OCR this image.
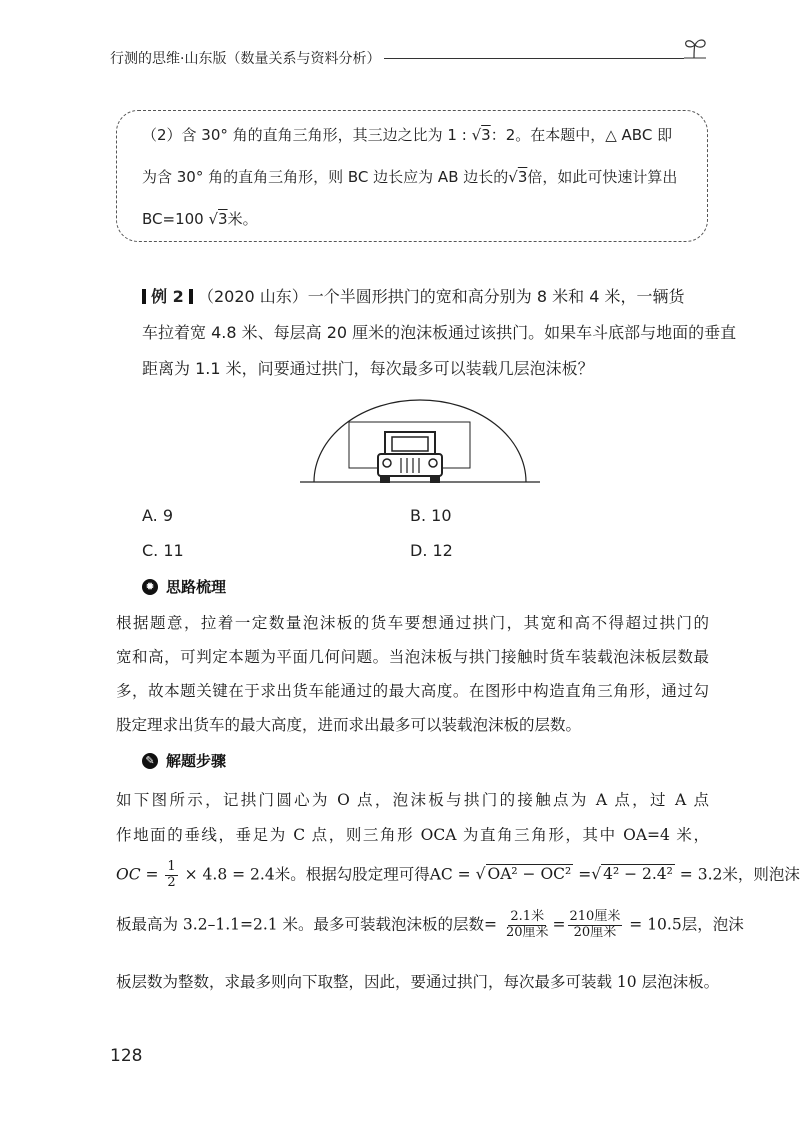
行测的思维·山东版（数量关系与资料分析）
（2）含 30° 角的直角三角形，其三边之比为 1 : √3：2。在本题中，△ ABC 即
为含 30° 角的直角三角形，则 BC 边长应为 AB 边长的√3倍，如此可快速计算出
BC=100 √3米。
例 2 （2020 山东）一个半圆形拱门的宽和高分别为 8 米和 4 米，一辆货
车拉着宽 4.8 米、每层高 20 厘米的泡沫板通过该拱门。如果车斗底部与地面的垂直
距离为 1.1 米，问要通过拱门，每次最多可以装载几层泡沫板？
A. 9	B. 10
C. 11	D. 12
✹ 思路梳理
根据题意，拉着一定数量泡沫板的货车要想通过拱门，其宽和高不得超过拱门的
宽和高，可判定本题为平面几何问题。当泡沫板与拱门接触时货车装载泡沫板层数最
多，故本题关键在于求出货车能通过的最大高度。在图形中构造直角三角形，通过勾
股定理求出货车的最大高度，进而求出最多可以装载泡沫板的层数。
✎ 解题步骤
如下图所示，记拱门圆心为 O 点，泡沫板与拱门的接触点为 A 点，过 A 点
作地面的垂线，垂足为 C 点，则三角形 OCA 为直角三角形，其中 OA=4 米，
OC = $\frac{1}{2} \times 4.8 = 2.4$米。根据勾股定理可得AC = √ OA² − OC² =√ 4² − 2.4² = 3.2米，则泡沫
板最高为 3.2–1.1=2.1 米。最多可装载泡沫板的层数= $\frac{\text{2.1米}}{\text{20厘米}} = \frac{\text{210厘米}}{\text{20厘米}} = 10.5$层，泡沫
板层数为整数，求最多则向下取整，因此，要通过拱门，每次最多可装载 10 层泡沫板。
128
